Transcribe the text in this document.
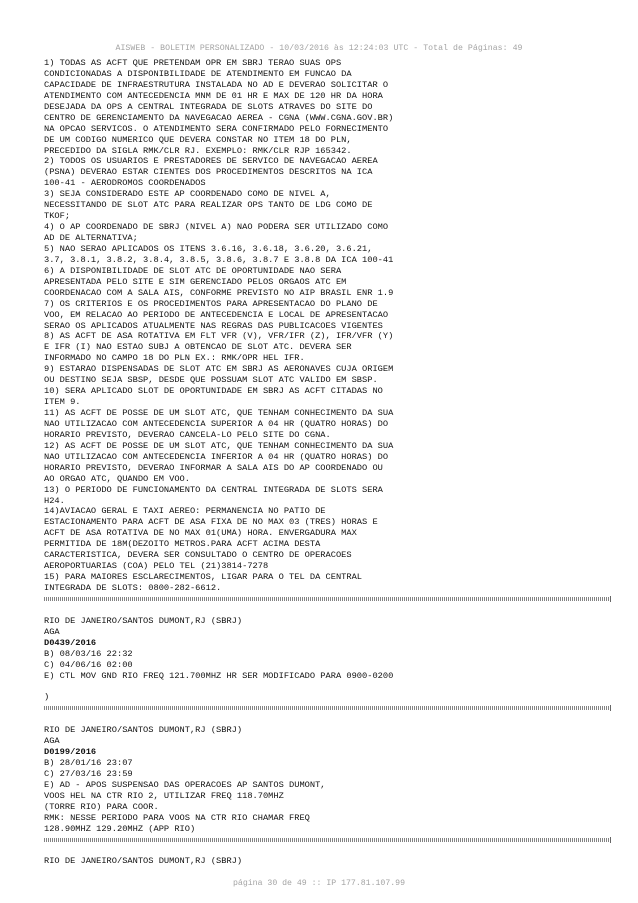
AISWEB - BOLETIM PERSONALIZADO - 10/03/2016 às 12:24:03 UTC - Total de Páginas: 49
1) TODAS AS ACFT QUE PRETENDAM OPR EM SBRJ TERAO SUAS OPS
CONDICIONADAS A DISPONIBILIDADE DE ATENDIMENTO EM FUNCAO DA
CAPACIDADE DE INFRAESTRUTURA INSTALADA NO AD E DEVERAO SOLICITAR O
ATENDIMENTO COM ANTECEDENCIA MNM DE 01 HR E MAX DE 120 HR DA HORA
DESEJADA DA OPS A CENTRAL INTEGRADA DE SLOTS ATRAVES DO SITE DO
CENTRO DE GERENCIAMENTO DA NAVEGACAO AEREA - CGNA (WWW.CGNA.GOV.BR)
NA OPCAO SERVICOS. O ATENDIMENTO SERA CONFIRMADO PELO FORNECIMENTO
DE UM CODIGO NUMERICO QUE DEVERA CONSTAR NO ITEM 18 DO PLN,
PRECEDIDO DA SIGLA RMK/CLR RJ. EXEMPLO: RMK/CLR RJP 165342.
2) TODOS OS USUARIOS E PRESTADORES DE SERVICO DE NAVEGACAO AEREA
(PSNA) DEVERAO ESTAR CIENTES DOS PROCEDIMENTOS DESCRITOS NA ICA
100-41 - AERODROMOS COORDENADOS
3) SEJA CONSIDERADO ESTE AP COORDENADO COMO DE NIVEL A,
NECESSITANDO DE SLOT ATC PARA REALIZAR OPS TANTO DE LDG COMO DE
TKOF;
4) O AP COORDENADO DE SBRJ (NIVEL A) NAO PODERA SER UTILIZADO COMO
AD DE ALTERNATIVA;
5) NAO SERAO APLICADOS OS ITENS 3.6.16, 3.6.18, 3.6.20, 3.6.21,
3.7, 3.8.1, 3.8.2, 3.8.4, 3.8.5, 3.8.6, 3.8.7 E 3.8.8 DA ICA 100-41
6) A DISPONIBILIDADE DE SLOT ATC DE OPORTUNIDADE NAO SERA
APRESENTADA PELO SITE E SIM GERENCIADO PELOS ORGAOS ATC EM
COORDENACAO COM A SALA AIS, CONFORME PREVISTO NO AIP BRASIL ENR 1.9
7) OS CRITERIOS E OS PROCEDIMENTOS PARA APRESENTACAO DO PLANO DE
VOO, EM RELACAO AO PERIODO DE ANTECEDENCIA E LOCAL DE APRESENTACAO
SERAO OS APLICADOS ATUALMENTE NAS REGRAS DAS PUBLICACOES VIGENTES
8) AS ACFT DE ASA ROTATIVA EM FLT VFR (V), VFR/IFR (Z), IFR/VFR (Y)
E IFR (I) NAO ESTAO SUBJ A OBTENCAO DE SLOT ATC. DEVERA SER
INFORMADO NO CAMPO 18 DO PLN EX.: RMK/OPR HEL IFR.
9) ESTARAO DISPENSADAS DE SLOT ATC EM SBRJ AS AERONAVES CUJA ORIGEM
OU DESTINO SEJA SBSP, DESDE QUE POSSUAM SLOT ATC VALIDO EM SBSP.
10) SERA APLICADO SLOT DE OPORTUNIDADE EM SBRJ AS ACFT CITADAS NO
ITEM 9.
11) AS ACFT DE POSSE DE UM SLOT ATC, QUE TENHAM CONHECIMENTO DA SUA
NAO UTILIZACAO COM ANTECEDENCIA SUPERIOR A 04 HR (QUATRO HORAS) DO
HORARIO PREVISTO, DEVERAO CANCELA-LO PELO SITE DO CGNA.
12) AS ACFT DE POSSE DE UM SLOT ATC, QUE TENHAM CONHECIMENTO DA SUA
NAO UTILIZACAO COM ANTECEDENCIA INFERIOR A 04 HR (QUATRO HORAS) DO
HORARIO PREVISTO, DEVERAO INFORMAR A SALA AIS DO AP COORDENADO OU
AO ORGAO ATC, QUANDO EM VOO.
13) O PERIODO DE FUNCIONAMENTO DA CENTRAL INTEGRADA DE SLOTS SERA
H24.
14)AVIACAO GERAL E TAXI AEREO: PERMANENCIA NO PATIO DE
ESTACIONAMENTO PARA ACFT DE ASA FIXA DE NO MAX 03 (TRES) HORAS E
ACFT DE ASA ROTATIVA DE NO MAX 01(UMA) HORA. ENVERGADURA MAX
PERMITIDA DE 18M(DEZOITO METROS.PARA ACFT ACIMA DESTA
CARACTERISTICA, DEVERA SER CONSULTADO O CENTRO DE OPERACOES
AEROPORTUARIAS (COA) PELO TEL (21)3814-7278
15) PARA MAIORES ESCLARECIMENTOS, LIGAR PARA O TEL DA CENTRAL
INTEGRADA DE SLOTS: 0800-282-6612.
RIO DE JANEIRO/SANTOS DUMONT,RJ (SBRJ)
AGA
D0439/2016
B) 08/03/16 22:32
C) 04/06/16 02:00
E) CTL MOV GND RIO FREQ 121.700MHZ HR SER MODIFICADO PARA 0900-0200
)
RIO DE JANEIRO/SANTOS DUMONT,RJ (SBRJ)
AGA
D0199/2016
B) 28/01/16 23:07
C) 27/03/16 23:59
E) AD - APOS SUSPENSAO DAS OPERACOES AP SANTOS DUMONT,
VOOS HEL NA CTR RIO 2, UTILIZAR FREQ 118.70MHZ
(TORRE RIO) PARA COOR.
RMK: NESSE PERIODO PARA VOOS NA CTR RIO CHAMAR FREQ
128.90MHZ 129.20MHZ (APP RIO)
RIO DE JANEIRO/SANTOS DUMONT,RJ (SBRJ)
página 30 de 49 :: IP 177.81.107.99
